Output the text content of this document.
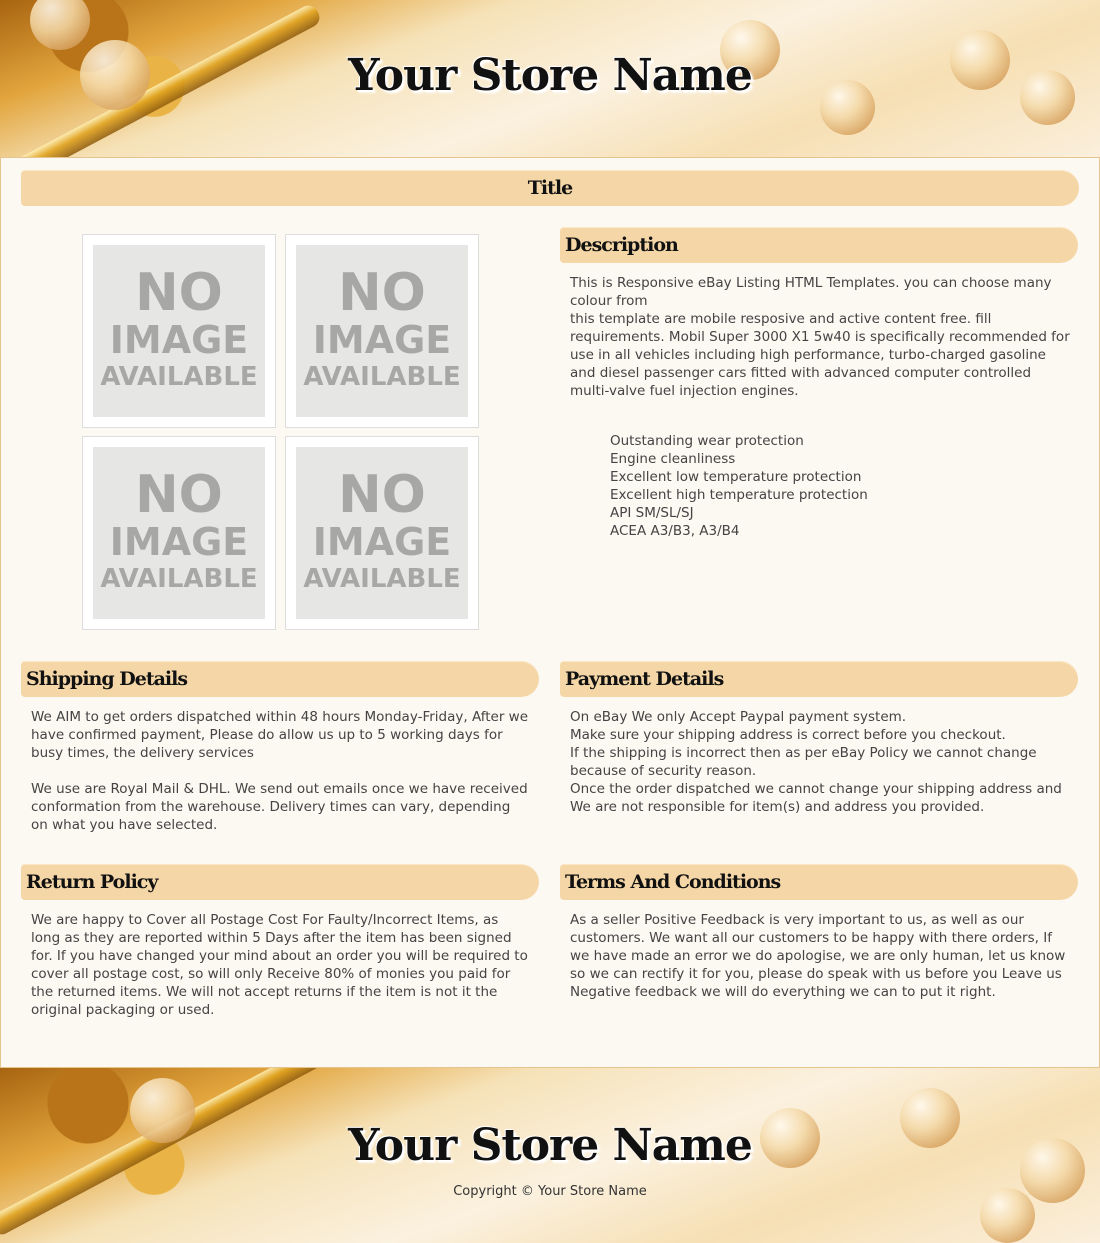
Your Store Name
Title
NO
IMAGE
AVAILABLE
NO
IMAGE
AVAILABLE
NO
IMAGE
AVAILABLE
NO
IMAGE
AVAILABLE
Description
This is Responsive eBay Listing HTML Templates. you can choose many colour from
this template are mobile resposive and active content free. fill requirements. Mobil Super 3000 X1 5w40 is specifically recommended for use in all vehicles including high performance, turbo-charged gasoline and diesel passenger cars fitted with advanced computer controlled multi-valve fuel injection engines.
Outstanding wear protection
Engine cleanliness
Excellent low temperature protection
Excellent high temperature protection
API SM/SL/SJ
ACEA A3/B3, A3/B4
Shipping Details
We AIM to get orders dispatched within 48 hours Monday-Friday, After we have confirmed payment, Please do allow us up to 5 working days for busy times, the delivery services

We use are Royal Mail & DHL. We send out emails once we have received conformation from the warehouse. Delivery times can vary, depending on what you have selected.
Payment Details
On eBay We only Accept Paypal payment system.
Make sure your shipping address is correct before you checkout.
If the shipping is incorrect then as per eBay Policy we cannot change because of security reason.
Once the order dispatched we cannot change your shipping address and We are not responsible for item(s) and address you provided.
Return Policy
We are happy to Cover all Postage Cost For Faulty/Incorrect Items, as long as they are reported within 5 Days after the item has been signed for. If you have changed your mind about an order you will be required to cover all postage cost, so will only Receive 80% of monies you paid for the returned items. We will not accept returns if the item is not it the original packaging or used.
Terms And Conditions
As a seller Positive Feedback is very important to us, as well as our customers. We want all our customers to be happy with there orders, If we have made an error we do apologise, we are only human, let us know so we can rectify it for you, please do speak with us before you Leave us Negative feedback we will do everything we can to put it right.
Your Store Name
Copyright © Your Store Name
